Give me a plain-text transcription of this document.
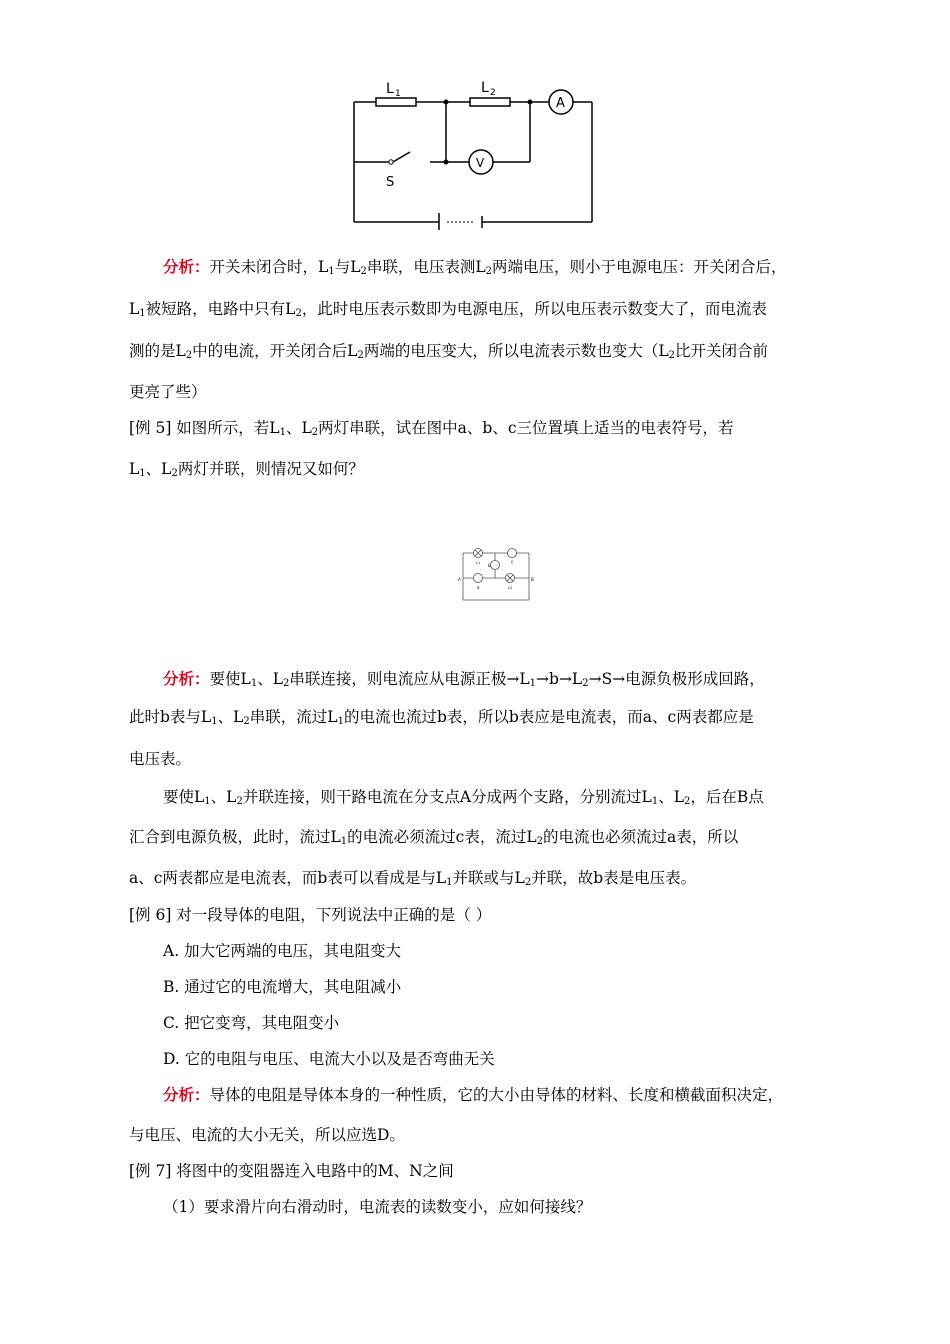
L 1	L 2
A
V
S
分析：开关未闭合时，$L_1$与$L_2$串联，电压表测$L_2$两端电压，则小于电源电压：开关闭合后，
$L_1$被短路，电路中只有$L_2$，此时电压表示数即为电源电压，所以电压表示数变大了，而电流表
测的是$L_2$中的电流，开关闭合后$L_2$两端的电压变大，所以电流表示数也变大（$L_2$比开关闭合前
更亮了些）
[例 5] 如图所示，若$L_1$、$L_2$两灯串联，试在图中a、b、c三位置填上适当的电表符号，若
$L_1$、$L_2$两灯并联，则情况又如何？
A	B
a
b
c
L1
L2
分析：要使$L_1$、$L_2$串联连接，则电流应从电源正极$\to L_1\to b\to L_2\to S\to$电源负极形成回路，
此时b表与$L_1$、$L_2$串联，流过$L_1$的电流也流过b表，所以b表应是电流表，而a、c两表都应是
电压表。
要使$L_1$、$L_2$并联连接，则干路电流在分支点A分成两个支路，分别流过$L_1$、$L_2$，后在B点
汇合到电源负极，此时，流过$L_1$的电流必须流过c表，流过$L_2$的电流也必须流过a表，所以
a、c两表都应是电流表，而b表可以看成是与$L_1$并联或与$L_2$并联，故b表是电压表。
[例 6] 对一段导体的电阻，下列说法中正确的是（ ）
A. 加大它两端的电压，其电阻变大
B. 通过它的电流增大，其电阻减小
C. 把它变弯，其电阻变小
D. 它的电阻与电压、电流大小以及是否弯曲无关
分析：导体的电阻是导体本身的一种性质，它的大小由导体的材料、长度和横截面积决定，
与电压、电流的大小无关，所以应选D。
[例 7] 将图中的变阻器连入电路中的M、N之间
（1）要求滑片向右滑动时，电流表的读数变小，应如何接线？
